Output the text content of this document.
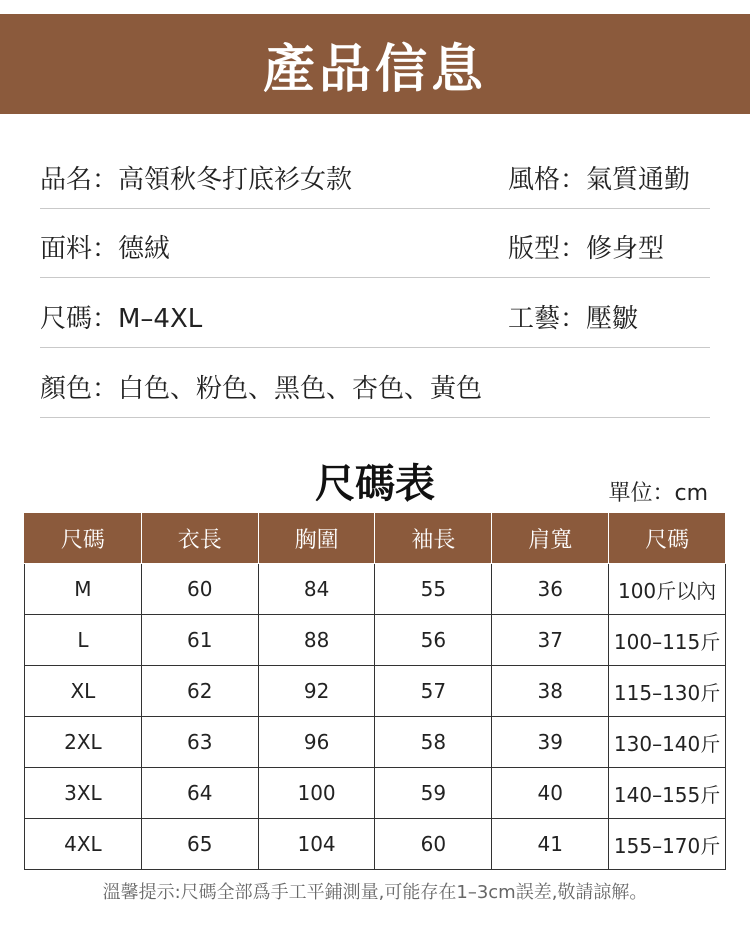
產品信息
品名：高領秋冬打底衫女款	風格：氣質通勤
面料：德絨	版型：修身型
尺碼：M–4XL	工藝：壓皺
顏色：白色、粉色、黑色、杏色、黃色
尺碼表	單位：cm
尺碼	衣長	胸圍	袖長	肩寬	尺碼
M	60	84	55	36	100斤以內
L	61	88	56	37	100–115斤
XL	62	92	57	38	115–130斤
2XL	63	96	58	39	130–140斤
3XL	64	100	59	40	140–155斤
4XL	65	104	60	41	155–170斤
溫馨提示:尺碼全部爲手工平鋪測量,可能存在1–3cm誤差,敬請諒解。
